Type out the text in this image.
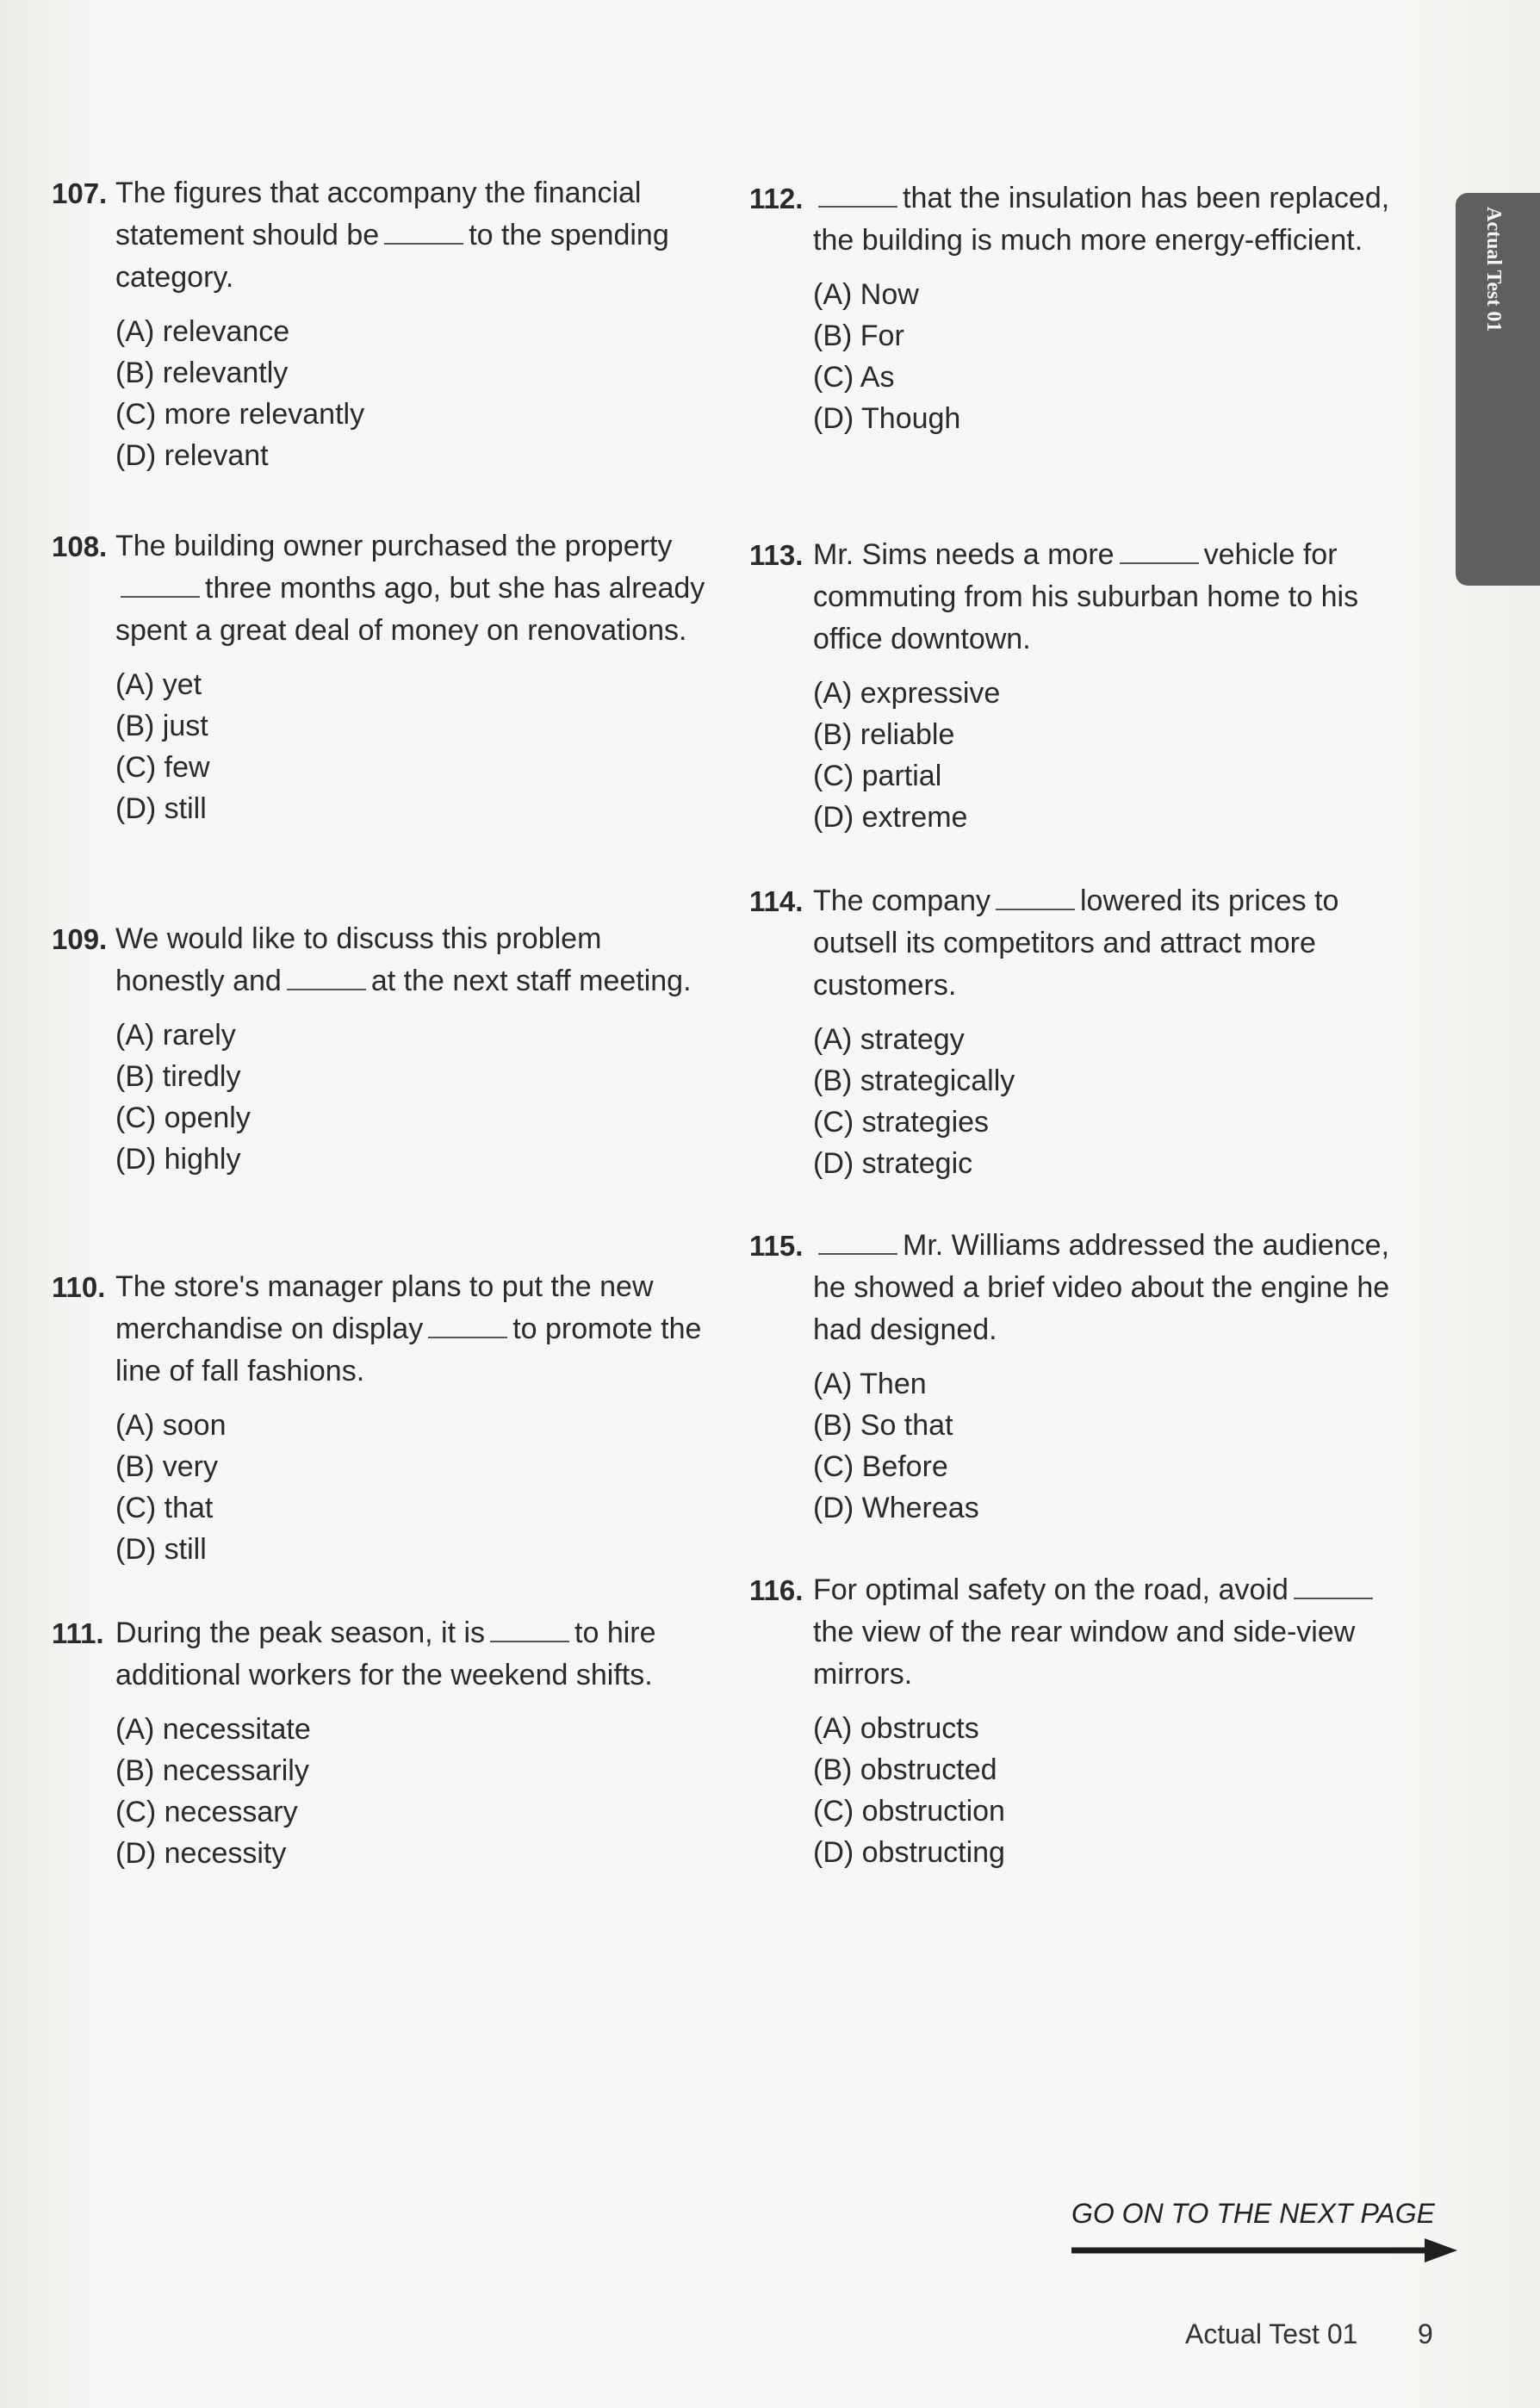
107. The figures that accompany the financial statement should be	to the spending category.
(A) relevance
(B) relevantly
(C) more relevantly
(D) relevant
108. The building owner purchased the propertythree months ago, but she has already spent a great deal of money on renovations.
(A) yet
(B) just
(C) few
(D) still
109. We would like to discuss this problem honestly and	at the next staff meeting.
(A) rarely
(B) tiredly
(C) openly
(D) highly
110. The store's manager plans to put the new merchandise on display	to promote the line of fall fashions.
(A) soon
(B) very
(C) that
(D) still
111. During the peak season, it is	to hire additional workers for the weekend shifts.
(A) necessitate
(B) necessarily
(C) necessary
(D) necessity
112.	that the insulation has been replaced, the building is much more energy-efficient.
(A) Now
(B) For
(C) As
(D) Though
113. Mr. Sims needs a more	vehicle for commuting from his suburban home to his office downtown.
(A) expressive
(B) reliable
(C) partial
(D) extreme
114. The company	lowered its prices to outsell its competitors and attract more customers.
(A) strategy
(B) strategically
(C) strategies
(D) strategic
115.	Mr. Williams addressed the audience, he showed a brief video about the engine he had designed.
(A) Then
(B) So that
(C) Before
(D) Whereas
116. For optimal safety on the road, avoidthe view of the rear window and side-view mirrors.
(A) obstructs
(B) obstructed
(C) obstruction
(D) obstructing
Actual Test 01
GO ON TO THE NEXT PAGE
Actual Test 01 9
